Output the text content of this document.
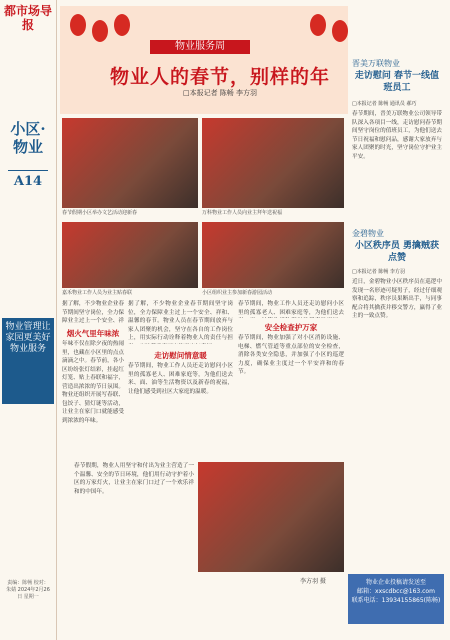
都市场导报
小区·物业
A14
物业管理让家园更美好 物业服务
责编：陈畅 校对：朱婧 2024年2月26日 星期一
物业服务周
物业人的春节，别样的年
□本报记者 陈畅 李方羽
春节假期小区举办文艺活动迎新春	万科物业工作人员向业主拜年送祝福
嘉禾物业工作人员为业主贴春联	小区组织业主参加新春游园活动
据了解，不少物业企业春节期间坚守岗位，全力保障业主过上一个安全、祥
烟火气里年味浓
年味不仅在除夕夜的热闹里，也藏在小区里的点点滴滴之中。春节前，各小区纷纷张灯结彩，挂起红灯笼、贴上春联和福字，营造出浓浓的节日氛围。物业还组织开展写春联、包饺子、猜灯谜等活动，让业主在家门口就能感受到浓浓的年味。
据了解，不少物业企业春节期间坚守岗位，全力保障业主过上一个安全、祥和、温馨的春节。物业人员在春节期间放弃与家人团聚的机会，坚守在各自的工作岗位上，用实际行动诠释着物业人的责任与担
走访慰问情意暖
春节期间，物业工作人员还走访慰问小区里的孤寡老人、困难家庭等，为他们送去米、面、油等生活物资以及新春的祝福，让他们感受到社区大家庭的温暖。
春节期间，物业工作人员还走访慰问小区里的孤寡老人、困难家庭等，为他们送去
安全检查护万家
春节期间，物业加强了对小区消防设施、电梯、燃气管道等重点部位的安全检查，消除各类安全隐患，并加强了小区的巡逻力度，确保业主度过一个平安祥和的春节。
春节假期，物业人用坚守和付出为业主营造了一个温馨、安全的节日环境，他们用行动守护着小区的万家灯火，让业主在家门口过了一个欢乐祥和的中国年。
李方羽 摄
晋美万联物业
走访慰问 春节一线值班员工
□本报记者 陈畅 通讯员 郝巧
春节期间，晋美万联物业公司领导带队深入各项目一线，走访慰问春节期间坚守岗位的值班员工，为他们送去节日祝福和慰问品，感谢大家放弃与家人团聚的时光，坚守岗位守护业主平安。
金碧物业
小区秩序员 勇擒贼获点赞
□本报记者 陈畅 李方羽
近日，金碧物业小区秩序员在巡逻中发现一名形迹可疑男子，经过仔细观察和追踪，秩序员果断出手，与同事配合将其擒获并移交警方，赢得了业主的一致点赞。
物业企业投稿请发送至
邮箱：xxscdbcc@163.com
联系电话：13934155865(陈畅)
